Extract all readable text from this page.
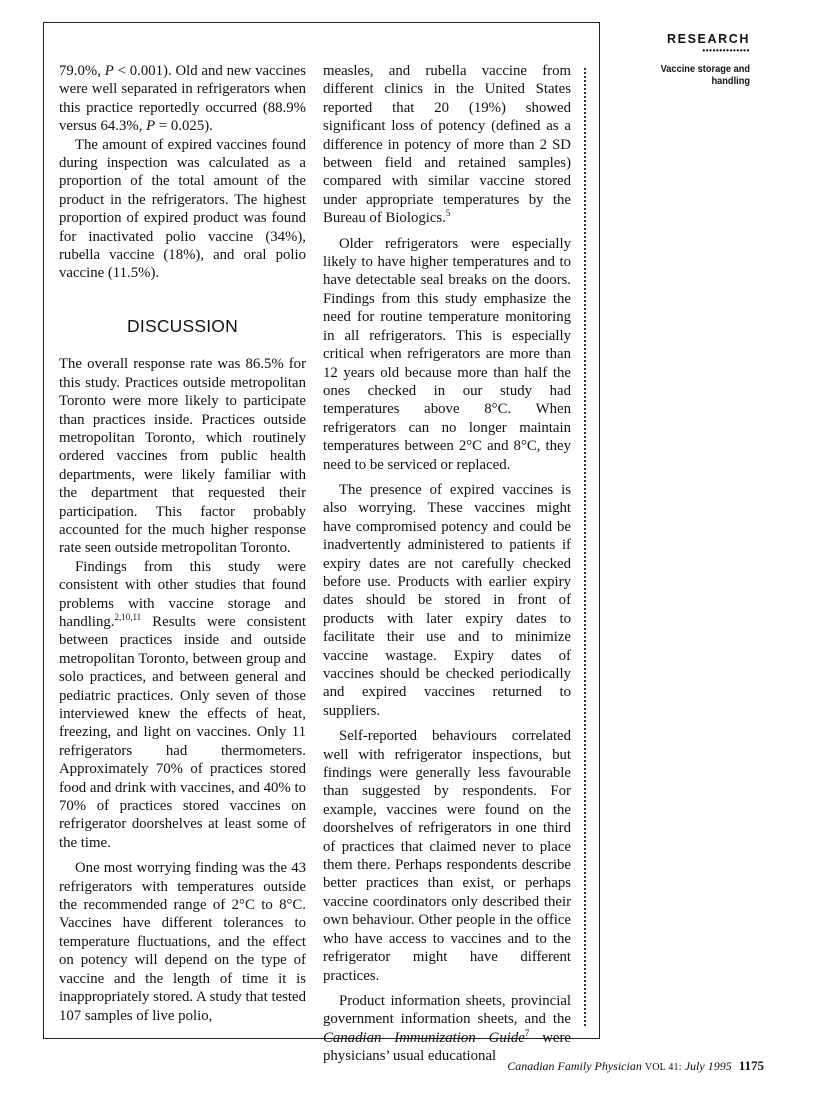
79.0%, P < 0.001). Old and new vaccines were well separated in refrigerators when this practice reportedly occurred (88.9% versus 64.3%, P = 0.025).

The amount of expired vaccines found during inspection was calculated as a proportion of the total amount of the product in the refrigerators. The highest proportion of expired product was found for inactivated polio vaccine (34%), rubella vaccine (18%), and oral polio vaccine (11.5%).

DISCUSSION

The overall response rate was 86.5% for this study. Practices outside metropolitan Toronto were more likely to participate than practices inside. Practices outside metropolitan Toronto, which routinely ordered vaccines from public health departments, were likely familiar with the department that requested their participation. This factor probably accounted for the much higher response rate seen outside metropolitan Toronto.

Findings from this study were consistent with other studies that found problems with vaccine storage and handling.$^{2,10,11}$ Results were consistent between practices inside and outside metropolitan Toronto, between group and solo practices, and between general and pediatric practices. Only seven of those interviewed knew the effects of heat, freezing, and light on vaccines. Only 11 refrigerators had thermometers. Approximately 70% of practices stored food and drink with vaccines, and 40% to 70% of practices stored vaccines on refrigerator doorshelves at least some of the time.

One most worrying finding was the 43 refrigerators with temperatures outside the recommended range of 2°C to 8°C. Vaccines have different tolerances to temperature fluctuations, and the effect on potency will depend on the type of vaccine and the length of time it is inappropriately stored. A study that tested 107 samples of live polio,

measles, and rubella vaccine from different clinics in the United States reported that 20 (19%) showed significant loss of potency (defined as a difference in potency of more than 2 SD between field and retained samples) compared with similar vaccine stored under appropriate temperatures by the Bureau of Biologics.$^5$

Older refrigerators were especially likely to have higher temperatures and to have detectable seal breaks on the doors. Findings from this study emphasize the need for routine temperature monitoring in all refrigerators. This is especially critical when refrigerators are more than 12 years old because more than half the ones checked in our study had temperatures above 8°C. When refrigerators can no longer maintain temperatures between 2°C and 8°C, they need to be serviced or replaced.

The presence of expired vaccines is also worrying. These vaccines might have compromised potency and could be inadvertently administered to patients if expiry dates are not carefully checked before use. Products with earlier expiry dates should be stored in front of products with later expiry dates to facilitate their use and to minimize vaccine wastage. Expiry dates of vaccines should be checked periodically and expired vaccines returned to suppliers.

Self-reported behaviours correlated well with refrigerator inspections, but findings were generally less favourable than suggested by respondents. For example, vaccines were found on the doorshelves of refrigerators in one third of practices that claimed never to place them there. Perhaps respondents describe better practices than exist, or perhaps vaccine coordinators only described their own behaviour. Other people in the office who have access to vaccines and to the refrigerator might have different practices.

Product information sheets, provincial government information sheets, and the Canadian Immunization Guide$^7$ were physicians’ usual educational

RESEARCH
••••••••••••••
Vaccine storage and handling
Canadian Family Physician VOL 41: July 1995 1175
